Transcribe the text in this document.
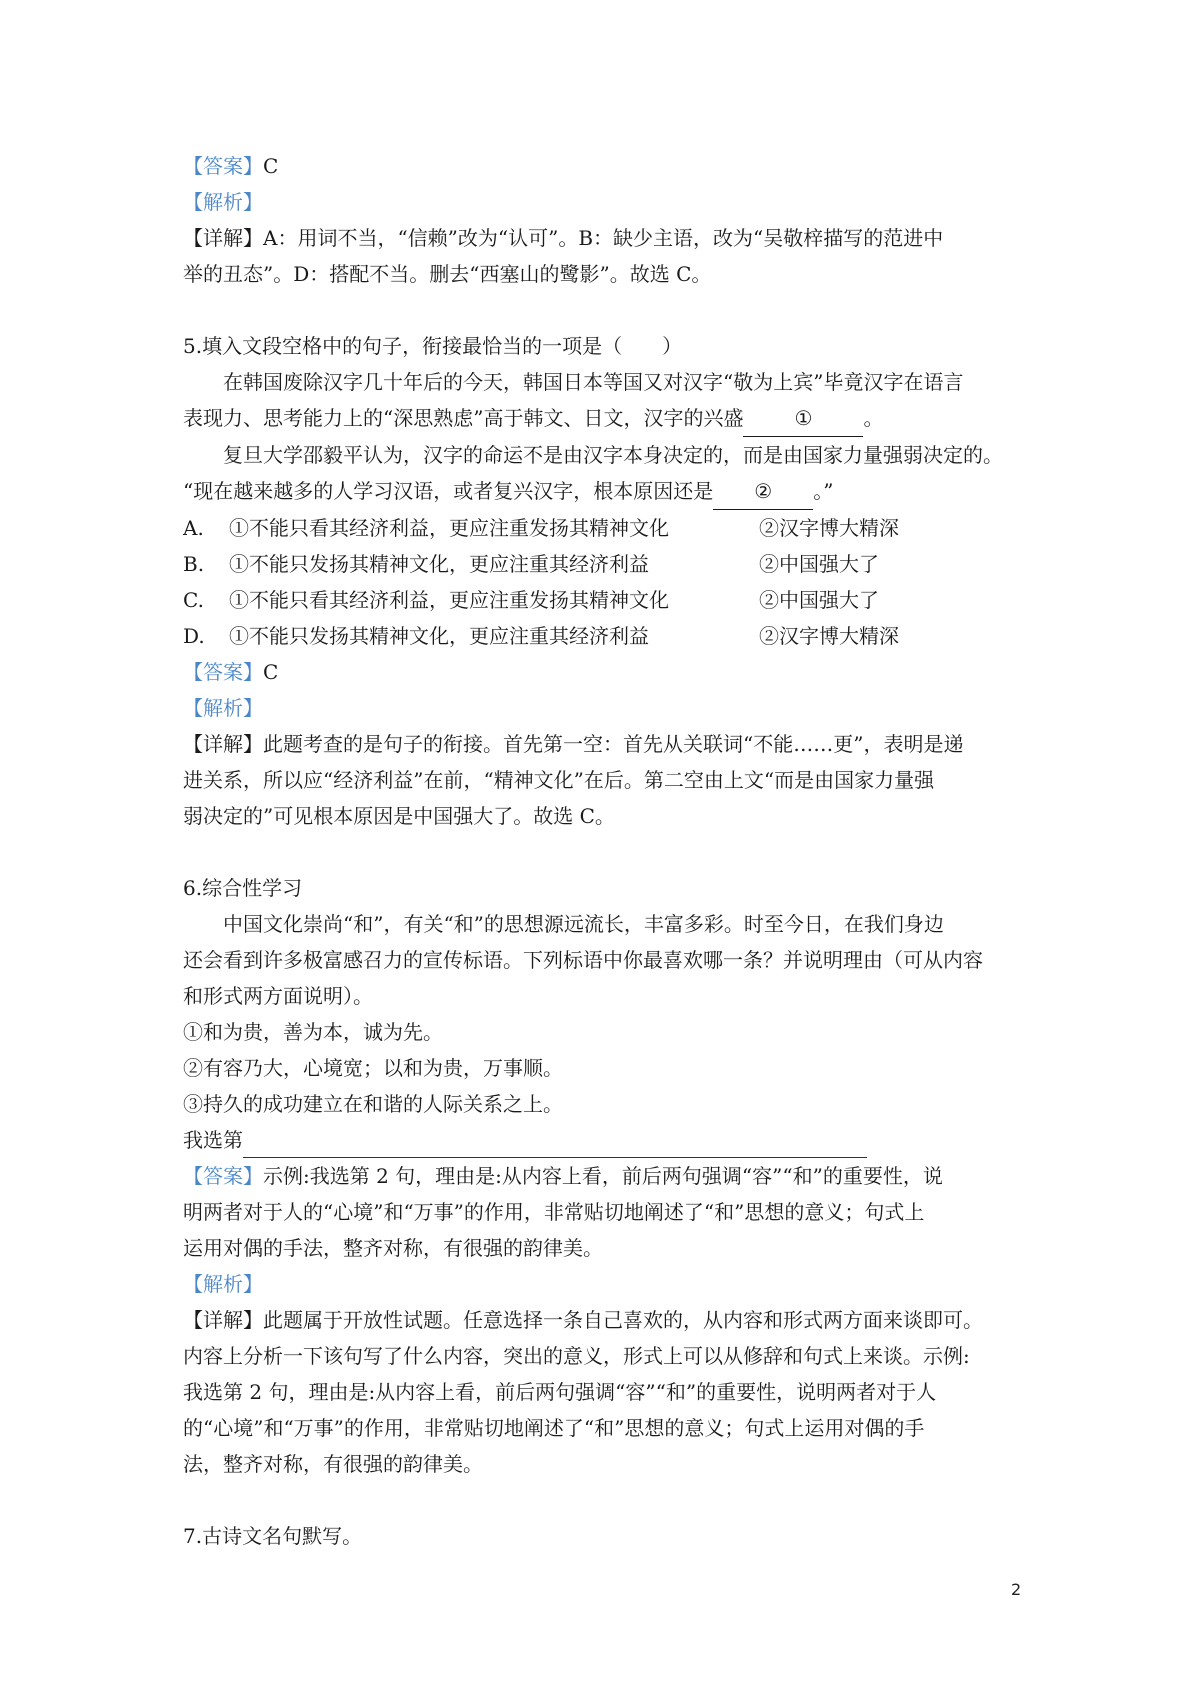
【答案】C
【解析】
【详解】A：用词不当，“信赖”改为“认可”。B：缺少主语，改为“吴敬梓描写的范进中
举的丑态”。D：搭配不当。删去“西塞山的鹭影”。故选 C。
5.填入文段空格中的句子，衔接最恰当的一项是（　　）
在韩国废除汉字几十年后的今天，韩国日本等国又对汉字“敬为上宾”毕竟汉字在语言
表现力、思考能力上的“深思熟虑”高于韩文、日文，汉字的兴盛	①	。
复旦大学邵毅平认为，汉字的命运不是由汉字本身决定的，而是由国家力量强弱决定的。
“现在越来越多的人学习汉语，或者复兴汉字，根本原因还是 ② 。”
A.	①不能只看其经济利益，更应注重发扬其精神文化	②汉字博大精深
B.	①不能只发扬其精神文化，更应注重其经济利益	②中国强大了
C.	①不能只看其经济利益，更应注重发扬其精神文化	②中国强大了
D.	①不能只发扬其精神文化，更应注重其经济利益	②汉字博大精深
【答案】C
【解析】
【详解】此题考查的是句子的衔接。首先第一空：首先从关联词“不能……更”，表明是递
进关系，所以应“经济利益”在前，“精神文化”在后。第二空由上文“而是由国家力量强
弱决定的”可见根本原因是中国强大了。故选 C。
6.综合性学习
中国文化崇尚“和”，有关“和”的思想源远流长，丰富多彩。时至今日，在我们身边
还会看到许多极富感召力的宣传标语。下列标语中你最喜欢哪一条？并说明理由（可从内容
和形式两方面说明）。
①和为贵，善为本，诚为先。
②有容乃大，心境宽；以和为贵，万事顺。
③持久的成功建立在和谐的人际关系之上。
我选第
【答案】示例:我选第 2 句，理由是:从内容上看，前后两句强调“容”“和”的重要性，说
明两者对于人的“心境”和“万事”的作用，非常贴切地阐述了“和”思想的意义；句式上
运用对偶的手法，整齐对称，有很强的韵律美。
【解析】
【详解】此题属于开放性试题。任意选择一条自己喜欢的，从内容和形式两方面来谈即可。
内容上分析一下该句写了什么内容，突出的意义，形式上可以从修辞和句式上来谈。示例:
我选第 2 句，理由是:从内容上看，前后两句强调“容”“和”的重要性，说明两者对于人
的“心境”和“万事”的作用，非常贴切地阐述了“和”思想的意义；句式上运用对偶的手
法，整齐对称，有很强的韵律美。
7.古诗文名句默写。
2
